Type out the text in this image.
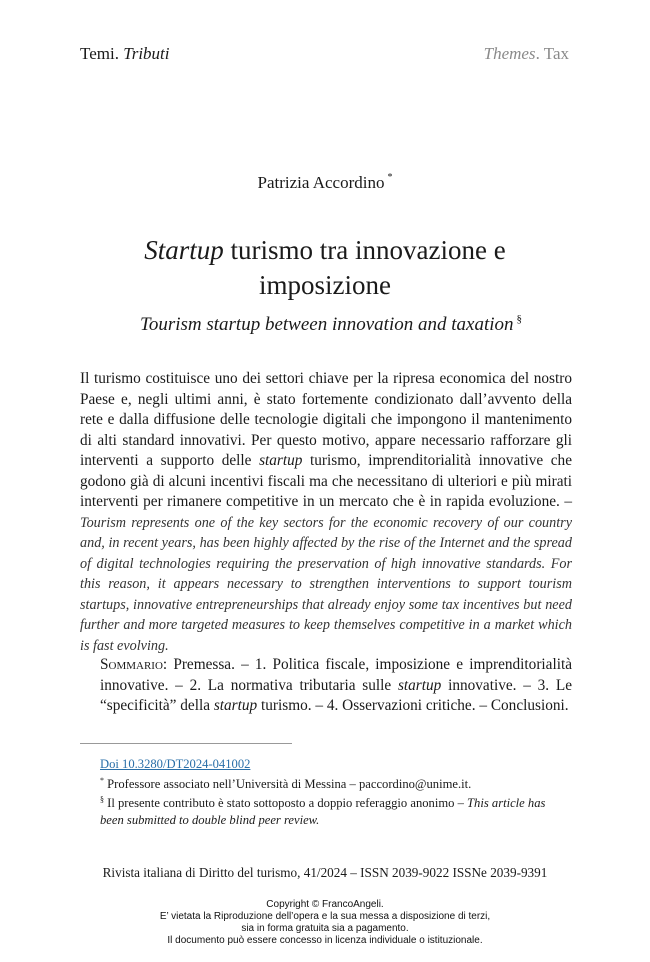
Temi. Tributi	Themes. Tax
Patrizia Accordino *
Startup turismo tra innovazione e
imposizione
Tourism startup between innovation and taxation §
Il turismo costituisce uno dei settori chiave per la ripresa economica del nostro Paese e, negli ultimi anni, è stato fortemente condizionato dall’avvento della rete e dalla diffusione delle tecnologie digitali che impongono il mantenimento di alti standard innovativi. Per questo motivo, appare necessario rafforzare gli interventi a supporto delle startup turismo, imprenditorialità innovative che godono già di alcuni incentivi fiscali ma che necessitano di ulteriori e più mirati interventi per rimanere competitive in un mercato che è in rapida evoluzione. – Tourism represents one of the key sectors for the economic recovery of our country and, in recent years, has been highly affected by the rise of the Internet and the spread of digital technologies requiring the preservation of high innovative standards. For this reason, it appears necessary to strengthen interventions to support tourism startups, innovative entrepreneurships that already enjoy some tax incentives but need further and more targeted measures to keep themselves competitive in a market which is fast evolving.
Sommario: Premessa. – 1. Politica fiscale, imposizione e imprenditorialità innovative. – 2. La normativa tributaria sulle startup innovative. – 3. Le “specificità” della startup turismo. – 4. Osservazioni critiche. – Conclusioni.
Doi 10.3280/DT2024-041002
* Professore associato nell’Università di Messina – paccordino@unime.it.
§ Il presente contributo è stato sottoposto a doppio referaggio anonimo – This article has been submitted to double blind peer review.
Rivista italiana di Diritto del turismo, 41/2024 – ISSN 2039-9022 ISSNe 2039-9391
Copyright © FrancoAngeli.
E’ vietata la Riproduzione dell’opera e la sua messa a disposizione di terzi,
sia in forma gratuita sia a pagamento.
Il documento può essere concesso in licenza individuale o istituzionale.
